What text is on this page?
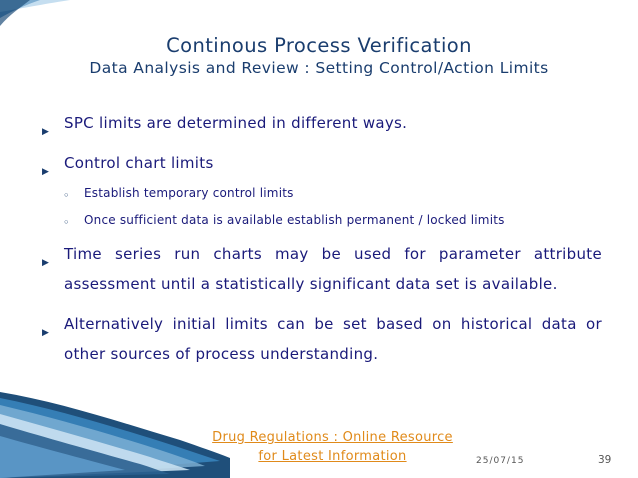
Continous Process Verification
Data Analysis and Review : Setting Control/Action Limits
▶ SPC limits are determined in different ways.
▶ Control chart limits
◦ Establish temporary control limits
◦ Once sufficient data is available establish permanent / locked limits
▶ Time series run charts may be used for parameter attribute assessment until a statistically significant data set is available.
▶ Alternatively initial limits can be set based on historical data or other sources of process understanding.
Drug Regulations : Online Resource for Latest Information	25/07/15	39
